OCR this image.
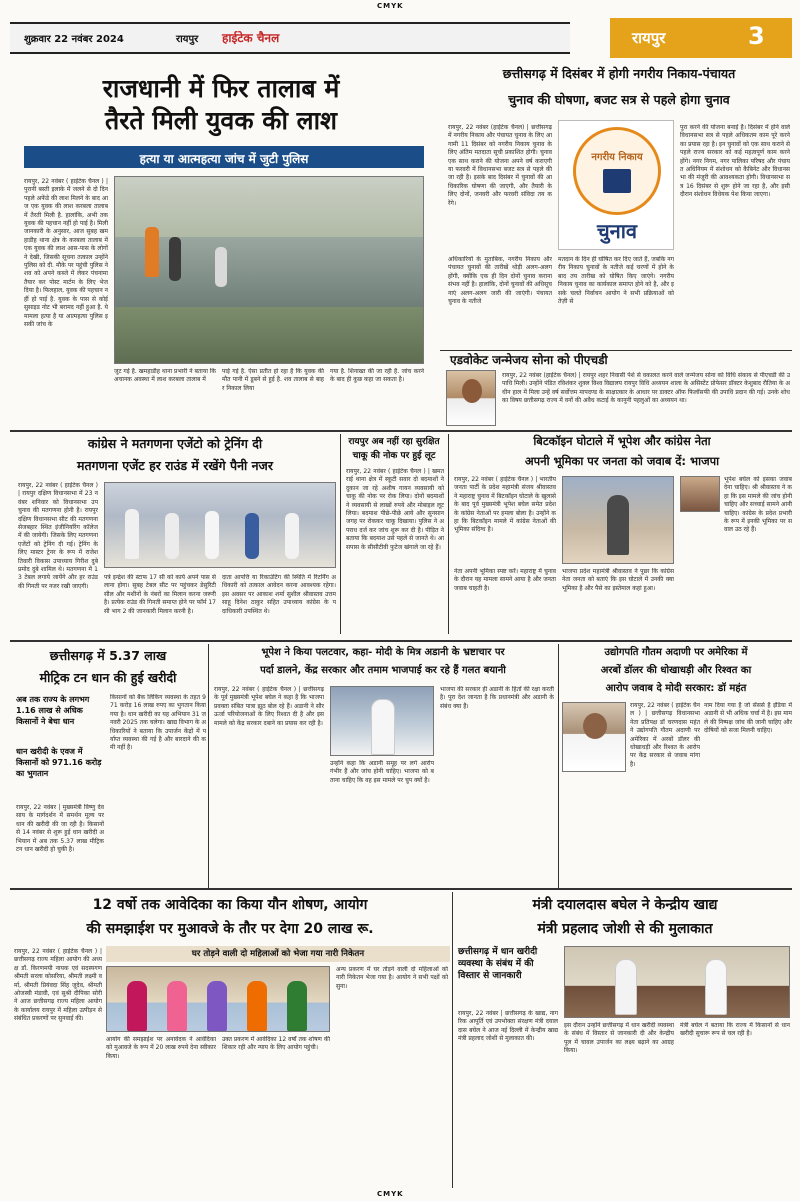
CMYK
शुक्रवार 22 नवंबर 2024	रायपुर हाईटेक चैनल	रायपुर	3
राजधानी में फिर तालाब में
तैरते मिली युवक की लाश
हत्या या आत्महत्या जांच में जुटी पुलिस
रायपुर, 22 नवंबर ( हाईटेक चैनल ) | पुरानी बस्ती इलाके में जलने से दो दिन पहले अफेंडे की लाश मिलने के बाद आज एक युवक की लाश करबला तालाब में तैरती मिली है. हालांकि, अभी तक युवक की पहचान नहीं हो पाई है। मिली जानकारी के अनुसार, आज सुबह खमहाडीह थाना क्षेत्र के करबला तालाब में एक युवक की लाश आस-पास के लोगों ने देखी, जिसकी सूचना तत्काल उन्होंने पुलिस को दी. मौके पर पहुंची पुलिस ने शव को अपने कब्जे में लेकर पंचनामा तैयार कर पोस्ट मार्टम के लिए भेज दिया है। फिलहाल, युवक की पहचान नहीं हो पाई है. युवक के पास से कोई सुसाइड नोट भी बरामद नहीं हुआ है. ये मामला हत्या है या आत्महत्या पुलिस इसकी जांच के
जुट गई है. खमहाडीह थाना प्रभारी ने बताया कि अचानक अवस्था में लाश करबला तालाब में
पाई गई है. ऐसा प्रतीत हो रहा है कि युवक की मौत पानी में डूबने से हुई है. शव तालाब से बाहर निकाल लिया
गया है. शिनाख्त की जा रही है. जांच करने के बाद ही कुछ कहा जा सकता है।
छत्तीसगढ़ में दिसंबर में होगी नगरीय निकाय-पंचायत
चुनाव की घोषणा, बजट सत्र से पहले होगा चुनाव
रायपुर, 22 नवंबर (हाईटेक चैनल) | छत्तीसगढ़ में नगरीय निकाय और पंचायत चुनाव के लिए आगामी 11 दिसंबर को नगरीय निकाय चुनाव के लिए अंतिम मतदाता सूची प्रकाशित होगी। चुनाव एक साथ कराने की योजना अपने वर्ष कराएगी या फरवरी में विधानसभा बजट सत्र से पहले की जा रही है। इसके बाद दिसंबर में चुनावों की आधिकारिक घोषणा की जाएगी, और तैयारी के लिए दोनों, जनवरी और फरवरी संविदा तय करेंगे।
नगरीय निकाय
चुनाव
अधिकारियों के मुताबिक, नगरीय निकाय और पंचायत चुनावों की तारीखें थोड़ी अलग-अलग होंगी, क्योंकि एक ही दिन दोनों चुनाव कराना संभव नहीं है। हालांकि, दोनों चुनावों की अधिसूचनाएं अलग-अलग जारी की जाएंगी। पंचायत चुनाव के नतीजे
मतदान के दिन ही घोषित कर दिए जाते हैं, जबकि नगरीय निकाय चुनावों के नतीजे कई चरणों में होने के बाद तय तारीख को घोषित किए जाएंगे। नगरीय निकाय चुनाव का कार्यकाल समाप्त होने को है, और इसके चलते निर्वाचन आयोग ने सभी प्रक्रियाओं को तेज़ी से
पूरा करने की योजना बनाई है। दिसंबर में होने वाले विधानसभा सत्र से पहले अधिकतम काम पूरे करने का प्रयास रहा है। इन चुनावों को एक साथ कराने से पहले राज्य सरकार को कई महत्वपूर्ण काम करने होंगे। नगर निगम, नगर पालिका परिषद और पंचायत अधिनियम में संशोधन को कैबिनेट और विधानसभा की मंजूरी की आवश्यकता होगी। विधानसभा सत्र 16 दिसंबर से शुरू होने जा रहा है, और इसी दौरान संशोधन विधेयक पेश किया जाएगा।
एडवोकेट जन्मेजय सोना को पीएचडी
रायपुर, 22 नवंबर (हाईटेक चैनल) | रायपुर शहर निवासी पेशे से वकालत करने वाले जन्मेजय सोना को विधि संकाय से पीएचडी की उपाधि मिली। उन्होंने पंडित रविशंकर शुक्ल विश्व विद्यालय रायपुर विधि अध्ययन शाला के असिस्टेंट प्रोफेसर डॉक्टर केशुबाद रौतिया के अधीन हाल में मिला उन्हें वर्ष सर्वोत्तम मापदण्ड के साक्षात्कार के आधार पर डाक्टर ऑफ फिलॉसफी की उपाधि प्रदान की गई। उनके शोध का विषय छत्तीसगढ़ राज्य में वनों की अवैध कटाई के कानूनी पहलुओं का अध्ययन था।
कांग्रेस ने मतगणना एजेंटो को ट्रेनिंग दी
मतगणना एजेंट हर राउंड में रखेंगे पैनी नजर
रायपुर, 22 नवंबर ( हाईटेक चैनल ) | रायपुर दक्षिण विधानसभा में 23 नवंबर शनिवार को विधानसभा उपचुनाव की मतगणना होनी है। रायपुर दक्षिण विधानसभा सीट की मतगणना सेजबहार स्थित इंजीनियरिंग कॉलेज में की जायेगी। जिसके लिए मतगणना एजेंटों को ट्रेनिंग दी गई। ट्रेनिंग के लिए मास्टर ट्रेनर के रूप में राजेश तिवारी विकास उपाध्याय गिरीश दुबे प्रमोद दुबे शामिल थे। मतगणना में 13 टेबल लगाये जायेंगे और हर राउंड की गिनती पर नजर रखी जाएगी।
पत्रे इन्द्रेश की स्टाफ 17 सी को कार्य अपने पास से लाना होगा। सुबह टेबल सीट पर पहुंचकर डेसुरिटी सील और मशीनों के नंबरों का मिलान करना जरूरी है। प्रत्येक राउंड की गिनती समाप्त होने पर फॉर्म 17 सी भाग 2 की जानकारी मिलान करनी है।
दाता आपत्ति या रिकाउंटिंग की स्थिति में रिटर्निंग अधिकारी को तत्काल आवेदन करना आवश्यक रहेगा। इस अवसर पर आकाश शर्मा सुशील श्रीवास्तव उत्तम साहू दिनेश ठाकुर सहित उपाध्याय कांग्रेस के पदाधिकारी उपस्थित थे।
रायपुर अब नहीं रहा सुरक्षित
चाकू की नोक पर हुई लूट
रायपुर, 22 नवंबर ( हाईटेक चैनल ) | खमतराई थाना क्षेत्र में स्कूटी सवार दो बदमाशों ने दुकान जा रहे अशीष गायन व्यवसायी को चाकू की नोक पर रोक लिया। दोनों बदमाशों ने व्यवसायी से लाखों रुपये और मोबाइल लूट लिया। बदमाश पीछे-पीछे आये और सुनसान जगह पर रोककर चाकू दिखाया। पुलिस ने अपराध दर्ज कर जांच शुरू कर दी है। पीड़ित ने बताया कि बदमाश उसे पहले से जानते थे। आसपास के सीसीटीवी फुटेज खंगाले जा रहे हैं।
बिटकॉइन घोटाले में भूपेश और कांग्रेस नेता
अपनी भूमिका पर जनता को जवाब दें: भाजपा
रायपुर, 22 नवंबर ( हाईटेक चैनल ) | भारतीय जनता पार्टी के प्रदेश महामंत्री संजय श्रीवास्तव ने महाराष्ट्र चुनाव में बिटकॉइन घोटाले के खुलासे के बाद पूर्व मुख्यमंत्री भूपेश बघेल समेत प्रदेश के कांग्रेस नेताओं पर हमला बोला है। उन्होंने कहा कि बिटकॉइन मामले में कांग्रेस नेताओं की भूमिका संदिग्ध है।
भूपेश बघेल को इसका जवाब देना चाहिए। श्री श्रीवास्तव ने कहा कि इस मामले की जांच होनी चाहिए और सच्चाई सामने आनी चाहिए। कांग्रेस के प्रदेश प्रभारी के रूप में इनकी भूमिका पर सवाल उठ रहे हैं।
भाजपा प्रदेश महामंत्री श्रीवास्तव ने पूछा कि कांग्रेस नेता जनता को बताएं कि इस घोटाले में उनकी क्या भूमिका है और पैसे का इस्तेमाल कहां हुआ।
नेता अपनी भूमिका स्पष्ट करें। महाराष्ट्र में चुनाव के दौरान यह मामला सामने आया है और जनता जवाब चाहती है।
छत्तीसगढ़ में 5.37 लाख
मीट्रिक टन धान की हुई खरीदी
अब तक राज्य के लगभग 1.16 लाख से अधिक किसानों ने बेचा धान
धान खरीदी के एवज में किसानों को 971.16 करोड़ का भुगतान
रायपुर, 22 नवंबर | मुख्यमंत्री विष्णु देव साय के मार्गदर्शन में समर्थन मूल्य पर धान की खरीदी की जा रही है। किसानों से 14 नवंबर से शुरू हुई धान खरीदी अभियान में अब तक 5.37 लाख मीट्रिक टन धान खरीदी हो चुकी है।
किसानों को बैंक लिंकिंग व्यवस्था के तहत 971 करोड़ 16 लाख रुपए का भुगतान किया गया है। धान खरीदी का यह अभियान 31 जनवरी 2025 तक चलेगा। खाद्य विभाग के अधिकारियों ने बताया कि उपार्जन केंद्रों में पर्याप्त व्यवस्था की गई है और बारदाने की कमी नहीं है।
भूपेश ने किया पलटवार, कहा- मोदी के मित्र अडानी के भ्रष्टाचार पर
पर्दा डालने, केंद्र सरकार और तमाम भाजपाई कर रहे हैं गलत बयानी
रायपुर, 22 नवंबर ( हाईटेक चैनल ) | छत्तीसगढ़ के पूर्व मुख्यमंत्री भूपेश बघेल ने कहा है कि भाजपा प्रवक्ता संबित पात्रा झूठ बोल रहे हैं। अडानी ने सौर ऊर्जा परियोजनाओं के लिए रिश्वत दी है और इस मामले को केंद्र सरकार दबाने का प्रयास कर रही है।
उन्होंने कहा कि अडानी समूह पर लगे आरोप गंभीर हैं और जांच होनी चाहिए। भाजपा को बताना चाहिए कि वह इस मामले पर चुप क्यों है।
भाजपा की सरकार ही अडानी के हितों की रक्षा करती है। पूरा देश जानता है कि प्रधानमंत्री और अडानी के संबंध क्या हैं।
उद्योगपति गौतम अदाणी पर अमेरिका में
अरबों डॉलर की धोखाधड़ी और रिश्वत का
आरोप जवाब दे मोदी सरकार: डॉ महंत
रायपुर, 22 नवंबर ( हाईटेक चैनल ) | छत्तीसगढ़ विधानसभा नेता प्रतिपक्ष डॉ चरणदास महंत ने उद्योगपति गौतम अदाणी पर अमेरिका में अरबों डॉलर की धोखाधड़ी और रिश्वत के आरोप पर केंद्र सरकार से जवाब मांगा है।
नाम दिया गया है जो सेंसर्स है इंडिया में अडानी से भी अधिक चर्चा में है। इस मामले की निष्पक्ष जांच की जानी चाहिए और दोषियों को सजा मिलनी चाहिए।
12 वर्षो तक आवेदिका का किया यौन शोषण, आयोग
की समझाईश पर मुआवजे के तौर पर देगा 20 लाख रू.
घर तोड़ने वाली दो महिलाओं को भेजा गया नारी निकेतन
रायपुर, 22 नवंबर ( हाईटेक चैनल ) | छत्तीसगढ़ राज्य महिला आयोग की अध्यक्ष डॉ. किरणमयी नायक एवं सदस्यगण श्रीमती सरला कोसरिया, श्रीमती लक्ष्मी वर्मा, श्रीमती प्रियंवदा सिंह जूदेव, श्रीमती ओजस्वी मंडावी, एवं सुश्री दीपिका सोरी ने आज छत्तीसगढ़ राज्य महिला आयोग के कार्यालय रायपुर में महिला उत्पीड़न से संबंधित प्रकरणों पर सुनवाई की।
आयोग की समझाईश पर अनावेदक ने आवेदिका को मुआवजे के रूप में 20 लाख रुपये देना स्वीकार किया।
उक्त प्रकरण में आवेदिका 12 वर्षों तक शोषण की शिकार रही और न्याय के लिए आयोग पहुंची।
अन्य प्रकरण में घर तोड़ने वाली दो महिलाओं को नारी निकेतन भेजा गया है। आयोग ने सभी पक्षों को सुना।
मंत्री दयालदास बघेल ने केन्द्रीय खाद्य
मंत्री प्रहलाद जोशी से की मुलाकात
छत्तीसगढ़ में धान खरीदी व्यवस्था के संबंध में की विस्तार से जानकारी
रायपुर, 22 नवंबर | छत्तीसगढ़ के खाद्य, नागरिक आपूर्ति एवं उपभोक्ता संरक्षण मंत्री दयालदास बघेल ने आज नई दिल्ली में केन्द्रीय खाद्य मंत्री प्रहलाद जोशी से मुलाकात की।
इस दौरान उन्होंने छत्तीसगढ़ में धान खरीदी व्यवस्था के संबंध में विस्तार से जानकारी दी और केन्द्रीय पूल में चावल उपार्जन का लक्ष्य बढ़ाने का आग्रह किया।
मंत्री बघेल ने बताया कि राज्य में किसानों से धान खरीदी सुचारू रूप से चल रही है।
CMYK
